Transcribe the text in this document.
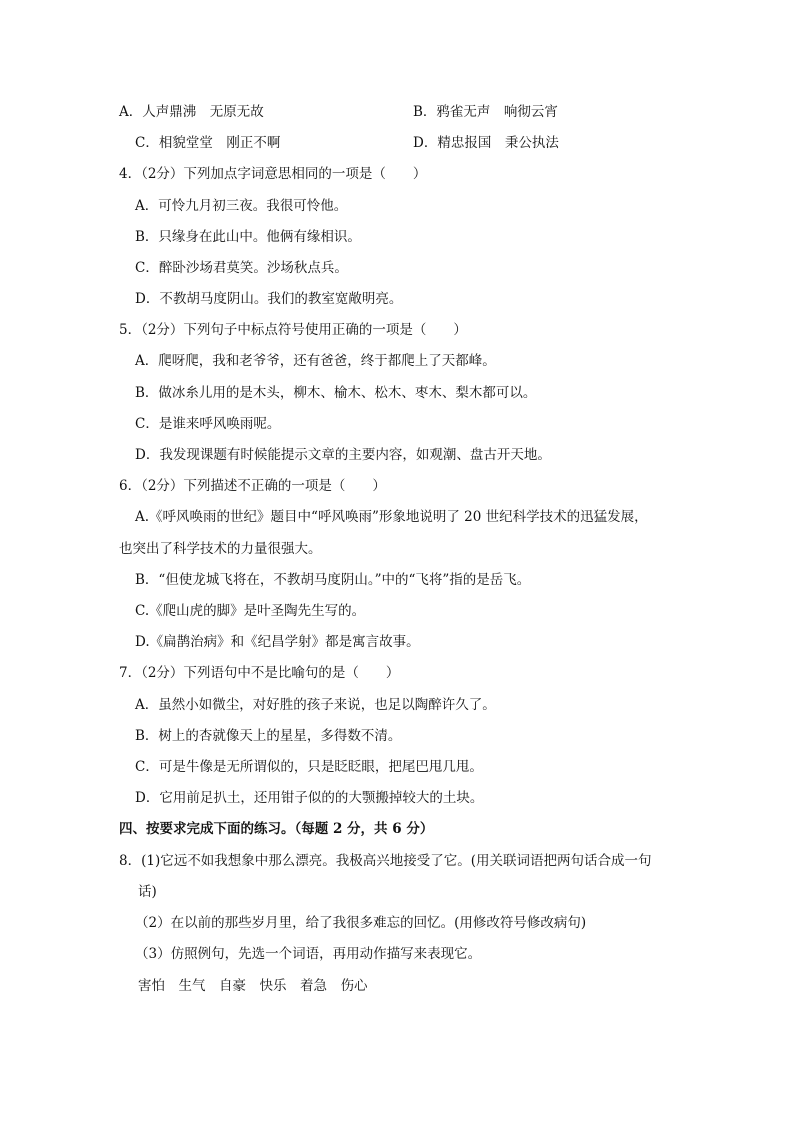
A．人声鼎沸　无原无故	B．鸦雀无声　响彻云宵
C．相貌堂堂　刚正不啊	D．精忠报国　秉公执法
4．（2分）下列加点字词意思相同的一项是（　　）
A．可怜九月初三夜。我很可怜他。
B．只缘身在此山中。他俩有缘相识。
C．醉卧沙场君莫笑。沙场秋点兵。
D．不教胡马度阴山。我们的教室宽敞明亮。
5．（2分）下列句子中标点符号使用正确的一项是（　　）
A．爬呀爬，我和老爷爷，还有爸爸，终于都爬上了天都峰。
B．做冰糸儿用的是木头，柳木、榆木、松木、枣木、梨木都可以。
C．是谁来呼风唤雨呢。
D．我发现课题有时候能提示文章的主要内容，如观潮、盘古开天地。
6．（2分）下列描述不正确的一项是（　　）
A.《呼风唤雨的世纪》题目中“呼风唤雨”形象地说明了 20 世纪科学技术的迅猛发展，
也突出了科学技术的力量很强大。
B．“但使龙城飞将在，不教胡马度阴山。”中的“飞将”指的是岳飞。
C.《爬山虎的脚》是叶圣陶先生写的。
D.《扁鹊治病》和《纪昌学射》都是寓言故事。
7．（2分）下列语句中不是比喻句的是（　　）
A．虽然小如微尘，对好胜的孩子来说，也足以陶醉许久了。
B．树上的杏就像天上的星星，多得数不清。
C．可是牛像是无所谓似的，只是眨眨眼，把尾巴甩几甩。
D．它用前足扒土，还用钳子似的的大颚搬掉较大的土块。
四、按要求完成下面的练习。（每题 2 分，共 6 分）
8．(1)它远不如我想象中那么漂亮。我极高兴地接受了它。(用关联词语把两句话合成一句
话)
（2）在以前的那些岁月里，给了我很多难忘的回忆。(用修改符号修改病句)
（3）仿照例句，先选一个词语，再用动作描写来表现它。
害怕　生气　自豪　快乐　着急　伤心
